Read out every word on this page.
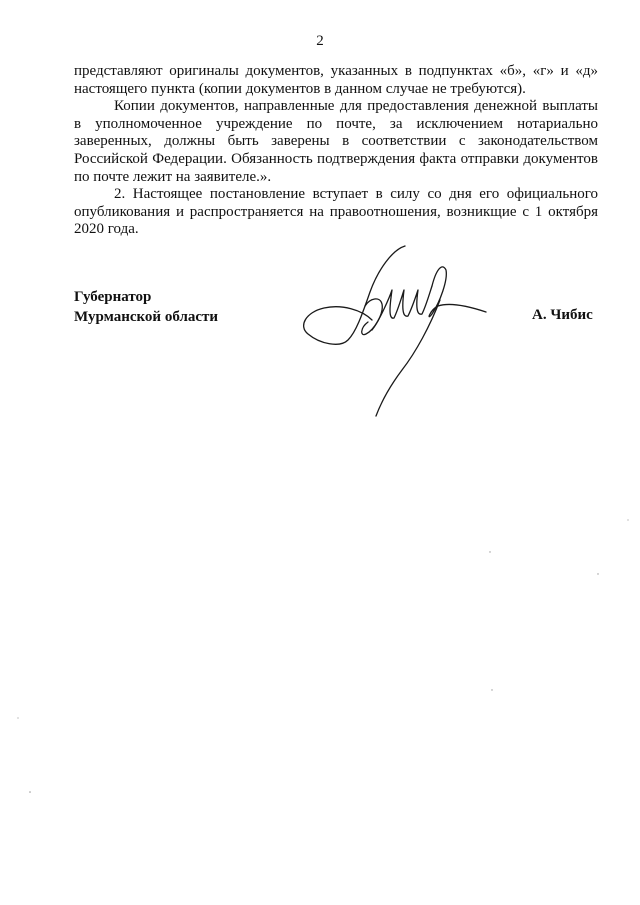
2

представляют оригиналы документов, указанных в подпунктах «б», «г» и «д» настоящего пункта (копии документов в данном случае не требуются).

Копии документов, направленные для предоставления денежной выплаты в уполномоченное учреждение по почте, за исключением нотариально заверенных, должны быть заверены в соответствии с законодательством Российской Федерации. Обязанность подтверждения факта отправки документов по почте лежит на заявителе.».

2. Настоящее постановление вступает в силу со дня его официального опубликования и распространяется на правоотношения, возникщие с 1 октября 2020 года.

Губернатор
Мурманской области	А. Чибис
